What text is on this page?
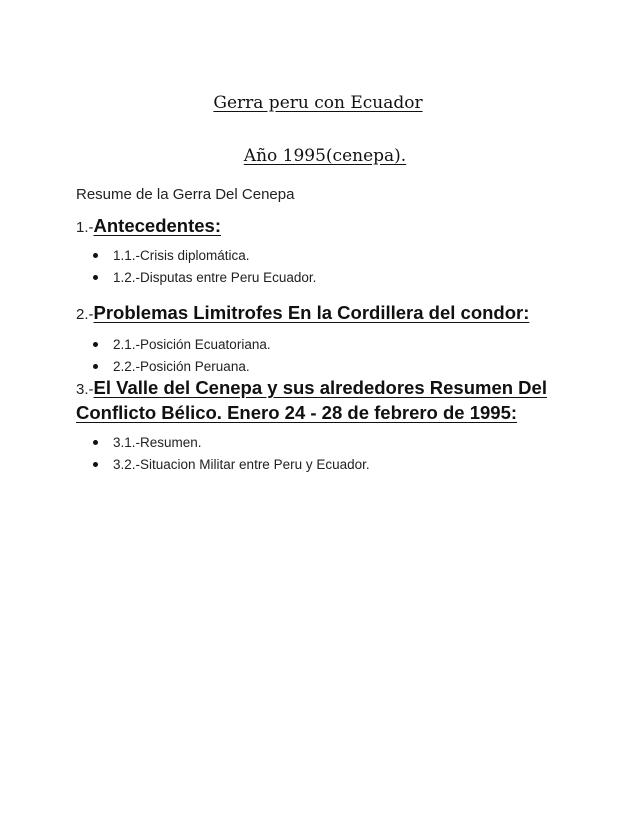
Gerra peru con Ecuador
Año 1995(cenepa).
Resume de la Gerra Del Cenepa
1.-Antecedentes:
1.1.-Crisis diplomática.
1.2.-Disputas entre Peru Ecuador.
2.-Problemas Limitrofes En la Cordillera del condor:
2.1.-Posición Ecuatoriana.
2.2.-Posición Peruana.
3.-El Valle del Cenepa y sus alrededores Resumen Del Conflicto Bélico. Enero 24 - 28 de febrero de 1995:
3.1.-Resumen.
3.2.-Situacion Militar entre Peru y Ecuador.
